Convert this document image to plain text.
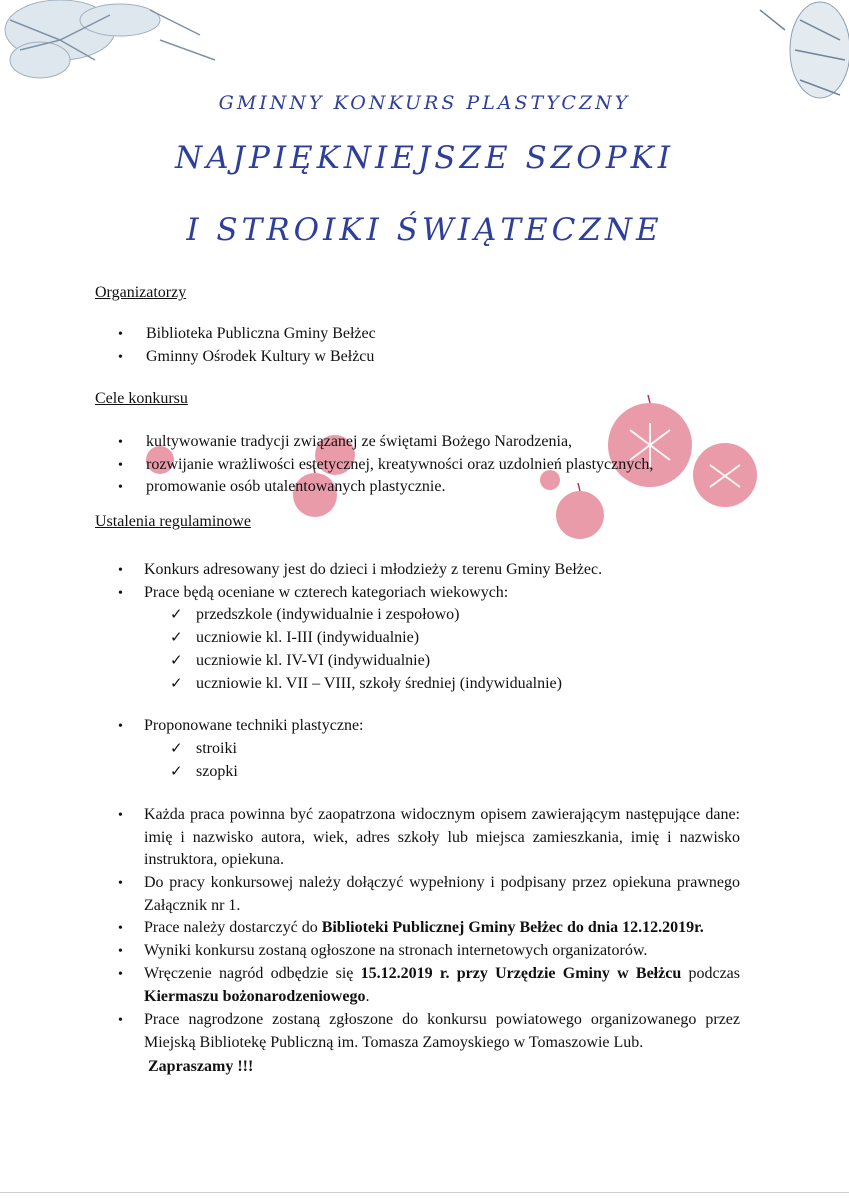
GMINNY KONKURS PLASTYCZNY
NAJPIĘKNIEJSZE SZOPKI
I STROIKI ŚWIĄTECZNE
Organizatorzy
• Biblioteka Publiczna Gminy Bełżec
• Gminny Ośrodek Kultury w Bełżcu
Cele konkursu
• kultywowanie tradycji związanej ze świętami Bożego Narodzenia,
• rozwijanie wrażliwości estetycznej, kreatywności oraz uzdolnień plastycznych,
• promowanie osób utalentowanych plastycznie.
Ustalenia regulaminowe
• Konkurs adresowany jest do dzieci i młodzieży z terenu Gminy Bełżec.
• Prace będą oceniane w czterech kategoriach wiekowych:
✓ przedszkole (indywidualnie i zespołowo)
✓ uczniowie kl. I-III (indywidualnie)
✓ uczniowie kl. IV-VI (indywidualnie)
✓ uczniowie kl. VII – VIII, szkoły średniej (indywidualnie)
• Proponowane techniki plastyczne:
✓ stroiki
✓ szopki
• Każda praca powinna być zaopatrzona widocznym opisem zawierającym następujące dane: imię i nazwisko autora, wiek, adres szkoły lub miejsca zamieszkania, imię i nazwisko instruktora, opiekuna.
• Do pracy konkursowej należy dołączyć wypełniony i podpisany przez opiekuna prawnego Załącznik nr 1.
• Prace należy dostarczyć do Biblioteki Publicznej Gminy Bełżec do dnia 12.12.2019r.
• Wyniki konkursu zostaną ogłoszone na stronach internetowych organizatorów.
• Wręczenie nagród odbędzie się 15.12.2019 r. przy Urzędzie Gminy w Bełżcu podczas Kiermaszu bożonarodzeniowego.
• Prace nagrodzone zostaną zgłoszone do konkursu powiatowego organizowanego przez Miejską Bibliotekę Publiczną im. Tomasza Zamoyskiego w Tomaszowie Lub.
Zapraszamy !!!
